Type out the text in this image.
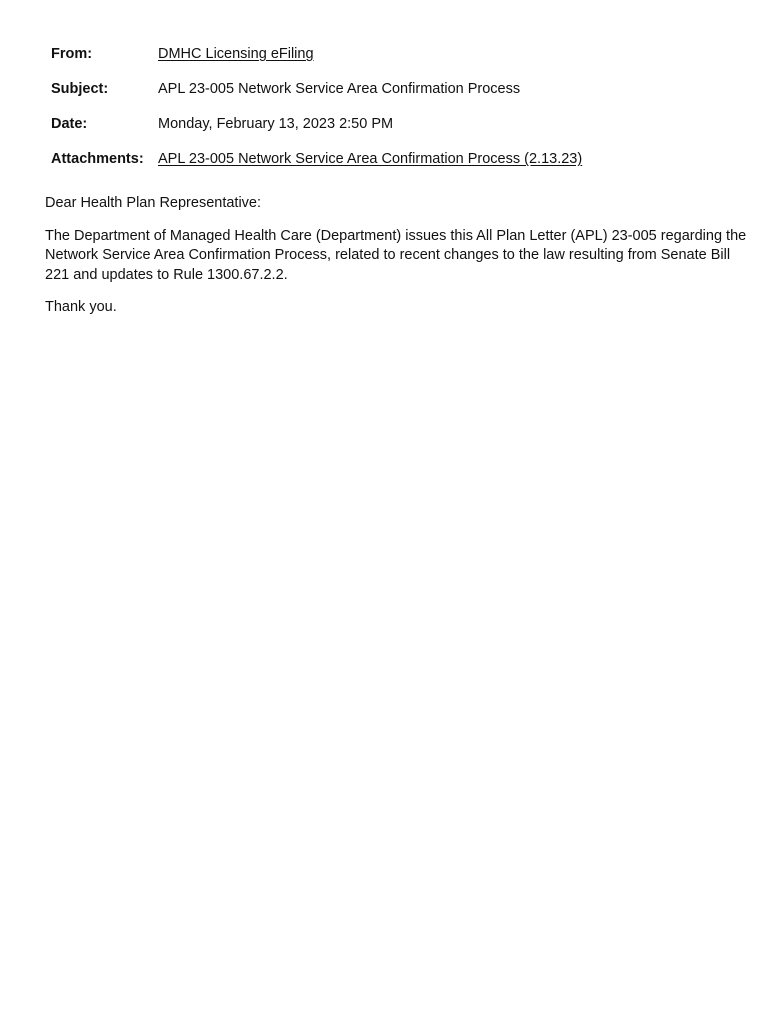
From:	DMHC Licensing eFiling
Subject:	APL 23-005 Network Service Area Confirmation Process
Date:	Monday, February 13, 2023 2:50 PM
Attachments: APL 23-005 Network Service Area Confirmation Process (2.13.23)

Dear Health Plan Representative:

The Department of Managed Health Care (Department) issues this All Plan Letter (APL) 23-005 regarding the Network Service Area Confirmation Process, related to recent changes to the law resulting from Senate Bill 221 and updates to Rule 1300.67.2.2.

Thank you.
